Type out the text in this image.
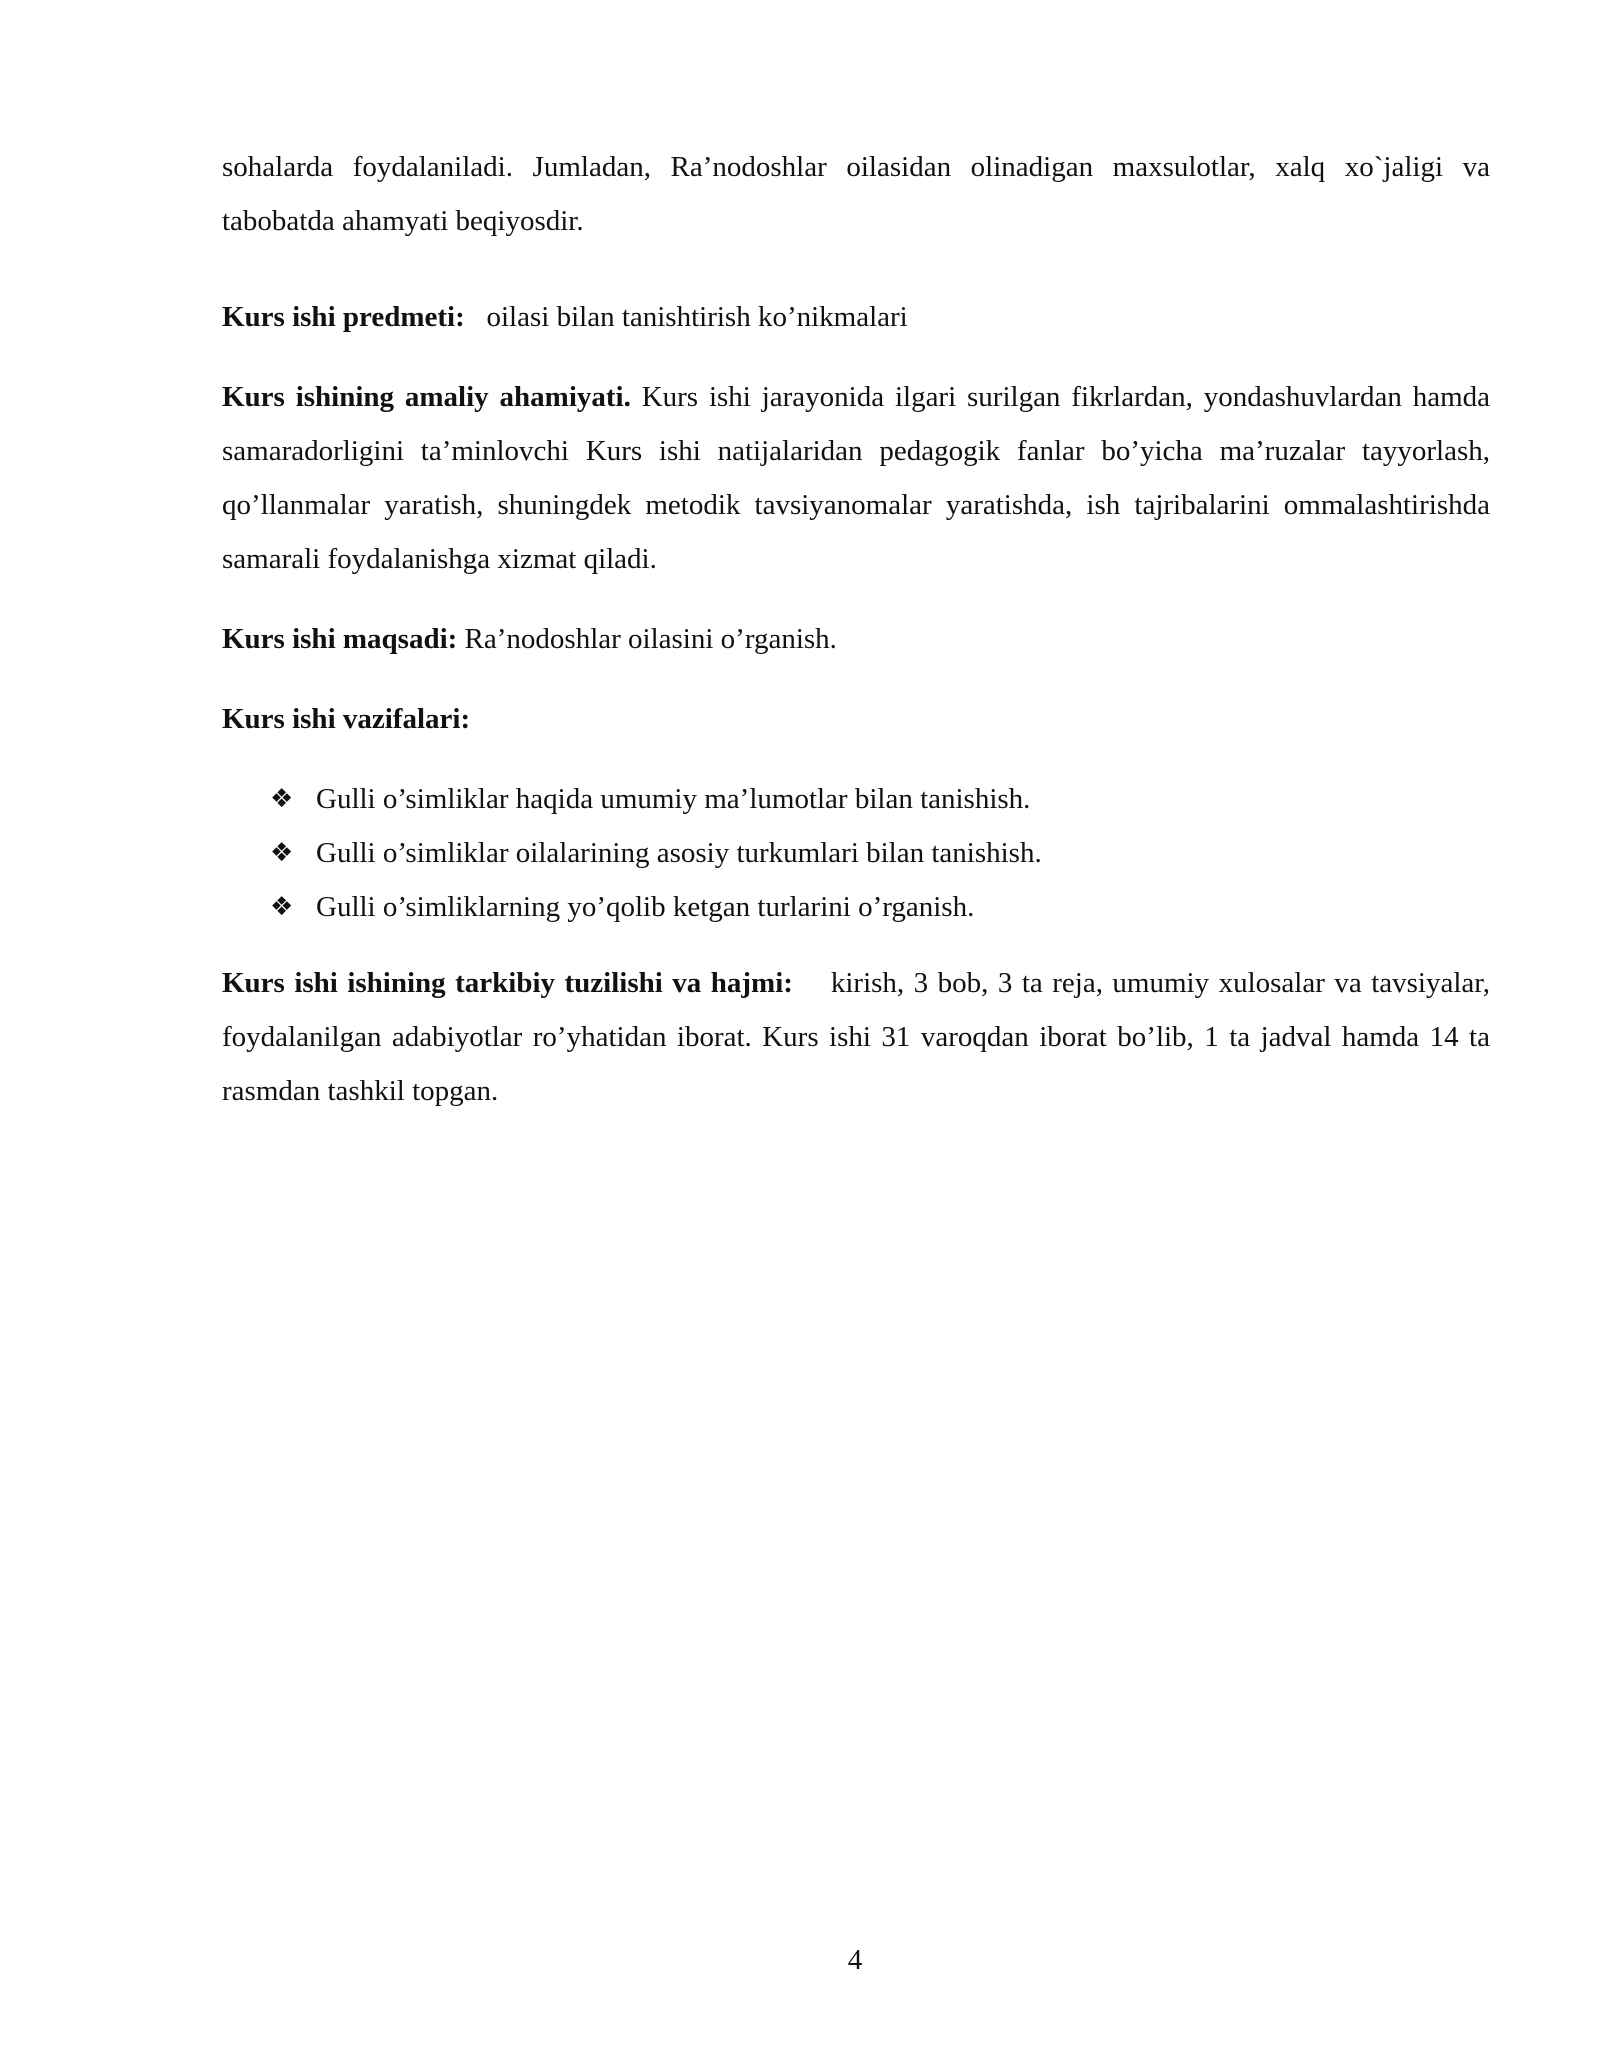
sohalarda foydalaniladi. Jumladan, Ra’nodoshlar oilasidan olinadigan maxsulotlar, xalq xo`jaligi va tabobatda ahamyati beqiyosdir.

Kurs ishi predmeti: oilasi bilan tanishtirish ko’nikmalari

Kurs ishining amaliy ahamiyati. Kurs ishi jarayonida ilgari surilgan fikrlardan, yondashuvlardan hamda samaradorligini ta’minlovchi Kurs ishi natijalaridan pedagogik fanlar bo’yicha ma’ruzalar tayyorlash, qo’llanmalar yaratish, shuningdek metodik tavsiyanomalar yaratishda, ish tajribalarini ommalashtirishda samarali foydalanishga xizmat qiladi.

Kurs ishi maqsadi: Ra’nodoshlar oilasini o’rganish.

Kurs ishi vazifalari:

❖ Gulli o’simliklar haqida umumiy ma’lumotlar bilan tanishish.
❖ Gulli o’simliklar oilalarining asosiy turkumlari bilan tanishish.
❖ Gulli o’simliklarning yo’qolib ketgan turlarini o’rganish.

Kurs ishi ishining tarkibiy tuzilishi va hajmi: kirish, 3 bob, 3 ta reja, umumiy xulosalar va tavsiyalar, foydalanilgan adabiyotlar ro’yhatidan iborat. Kurs ishi 31 varoqdan iborat bo’lib, 1 ta jadval hamda 14 ta rasmdan tashkil topgan.

4
